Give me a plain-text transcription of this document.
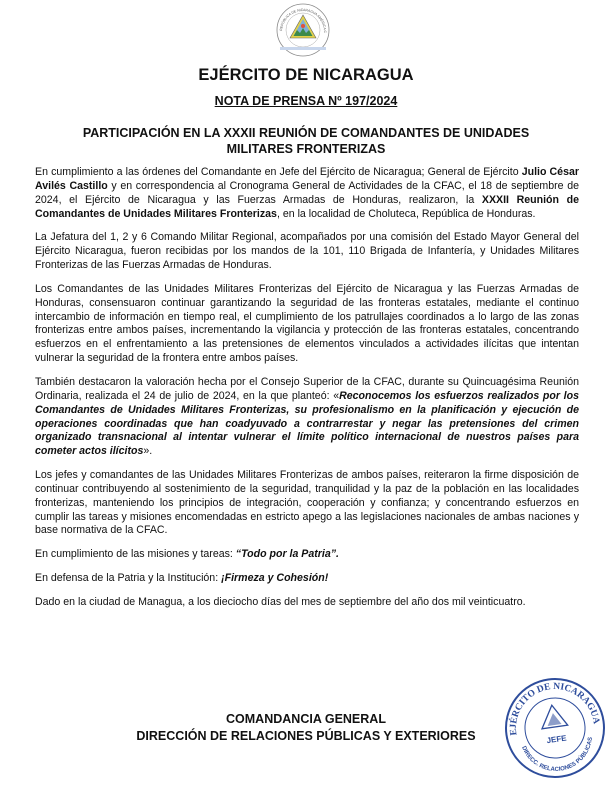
REPÚBLICA DE NICARAGUA AMÉRICA C
EJÉRCITO DE NICARAGUA
NOTA DE PRENSA Nº 197/2024
PARTICIPACIÓN EN LA XXXII REUNIÓN DE COMANDANTES DE UNIDADES
MILITARES FRONTERIZAS

En cumplimiento a las órdenes del Comandante en Jefe del Ejército de Nicaragua; General de Ejército Julio César Avilés Castillo y en correspondencia al Cronograma General de Actividades de la CFAC, el 18 de septiembre de 2024, el Ejército de Nicaragua y las Fuerzas Armadas de Honduras, realizaron, la XXXII Reunión de Comandantes de Unidades Militares Fronterizas, en la localidad de Choluteca, República de Honduras.

La Jefatura del 1, 2 y 6 Comando Militar Regional, acompañados por una comisión del Estado Mayor General del Ejército Nicaragua, fueron recibidas por los mandos de la 101, 110 Brigada de Infantería, y Unidades Militares Fronterizas de las Fuerzas Armadas de Honduras.

Los Comandantes de las Unidades Militares Fronterizas del Ejército de Nicaragua y las Fuerzas Armadas de Honduras, consensuaron continuar garantizando la seguridad de las fronteras estatales, mediante el continuo intercambio de información en tiempo real, el cumplimiento de los patrullajes coordinados a lo largo de las zonas fronterizas entre ambos países, incrementando la vigilancia y protección de las fronteras estatales, concentrando esfuerzos en el enfrentamiento a las pretensiones de elementos vinculados a actividades ilícitas que intentan vulnerar la seguridad de la frontera entre ambos países.

También destacaron la valoración hecha por el Consejo Superior de la CFAC, durante su Quincuagésima Reunión Ordinaria, realizada el 24 de julio de 2024, en la que planteó: «Reconocemos los esfuerzos realizados por los Comandantes de Unidades Militares Fronterizas, su profesionalismo en la planificación y ejecución de operaciones coordinadas que han coadyuvado a contrarrestar y negar las pretensiones del crimen organizado transnacional al intentar vulnerar el límite político internacional de nuestros países para cometer actos ilícitos».

Los jefes y comandantes de las Unidades Militares Fronterizas de ambos países, reiteraron la firme disposición de continuar contribuyendo al sostenimiento de la seguridad, tranquilidad y la paz de la población en las localidades fronterizas, manteniendo los principios de integración, cooperación y confianza; y concentrando esfuerzos en cumplir las tareas y misiones encomendadas en estricto apego a las legislaciones nacionales de ambas naciones y base normativa de la CFAC.

En cumplimiento de las misiones y tareas: “Todo por la Patria”.

En defensa de la Patria y la Institución: ¡Firmeza y Cohesión!

Dado en la ciudad de Managua, a los dieciocho días del mes de septiembre del año dos mil veinticuatro.

COMANDANCIA GENERAL
DIRECCIÓN DE RELACIONES PÚBLICAS Y EXTERIORES	EJÉRCITO DE NICARAGUA
DIRECC. RELACIONES PÚBLICAS
JEFE
